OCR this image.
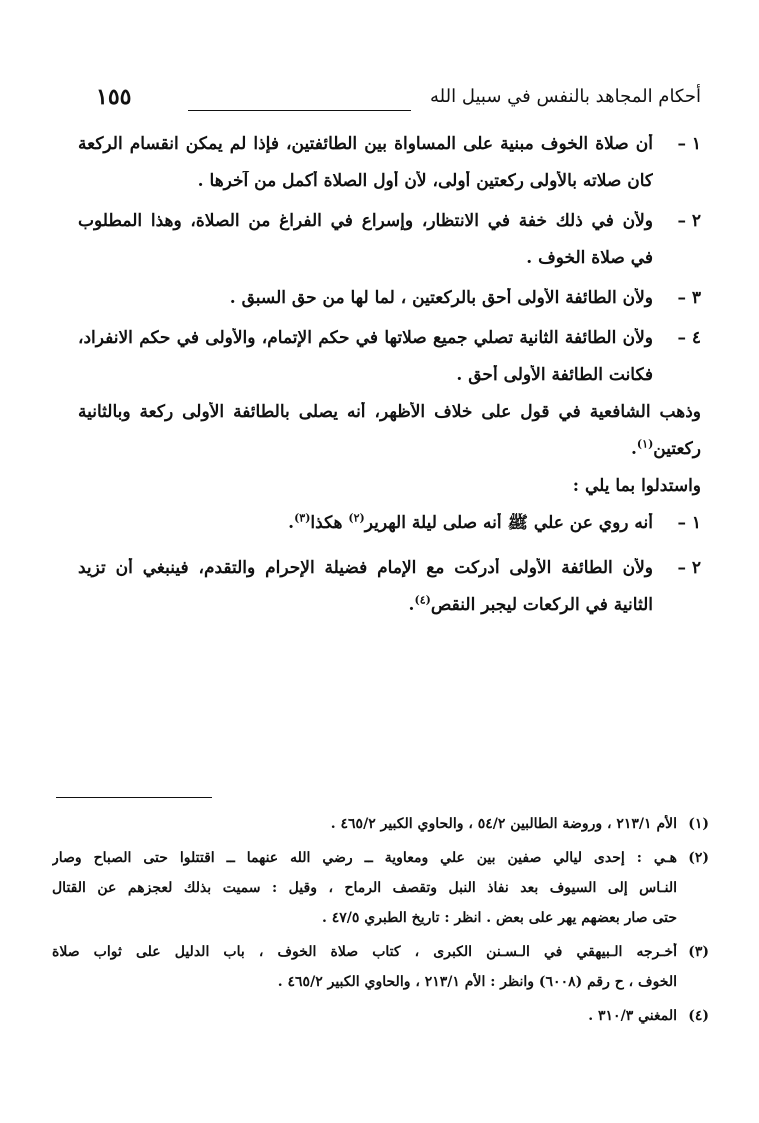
أحكام المجاهد بالنفس في سبيل الله
١٥٥
١ –
أن صلاة الخوف مبنية على المساواة بين الطائفتين، فإذا لم يمكن انقسام الركعة
كان صلاته بالأُولى ركعتين أولى، لأن أول الصلاة أكمل من آخرها .
٢ –
ولأن في ذلك خفة في الانتظار، وإسراع في الفراغ من الصلاة، وهذا المطلوب
في صلاة الخوف .
٣ –
ولأن الطائفة الأُولى أحق بالركعتين ، لما لها من حق السبق .
٤ –
ولأن الطائفة الثانية تصلي جميع صلاتها في حكم الإتمام، والأُولى في حكم الانفراد،
فكانت الطائفة الأُولى أحق .
وذهب الشافعية في قول على خلاف الأظهر، أنه يصلى بالطائفة الأُولى ركعة وبالثانية
ركعتين$^{(١)}$.
واستدلوا بما يلي :
١ –
أنه روي عن علي ﷺ أنه صلى ليلة الهرير$^{(٢)}$ هكذا$^{(٣)}$.
٢ –
ولأن الطائفة الأُولى أدركت مع الإمام فضيلة الإحرام والتقدم، فينبغي أن تزيد
الثانية في الركعات ليجبر النقص$^{(٤)}$.
(١)
الأم ٢١٣/١ ، وروضة الطالبين ٥٤/٢ ، والحاوي الكبير ٤٦٥/٢ .
(٢)
هـي : إحدى ليالي صفين بين علي ومعاوية ــ رضي الله عنهما ــ اقتتلوا حتى الصباح وصار
النـاس إلى السيوف بعد نفاذ النبل وتقصف الرماح ، وقيل : سميت بذلك لعجزهم عن القتال
حتى صار بعضهم يهر على بعض . انظر : تاريخ الطبري ٤٧/٥ .
(٣)
أخـرجه الـبيهقي في الـسـنن الكبرى ، كتاب صلاة الخوف ، باب الدليل على ثواب صلاة
الخوف ، ح رقم (٦٠٠٨) وانظر : الأم ٢١٣/١ ، والحاوي الكبير ٤٦٥/٢ .
(٤)
المغني ٣١٠/٣ .
